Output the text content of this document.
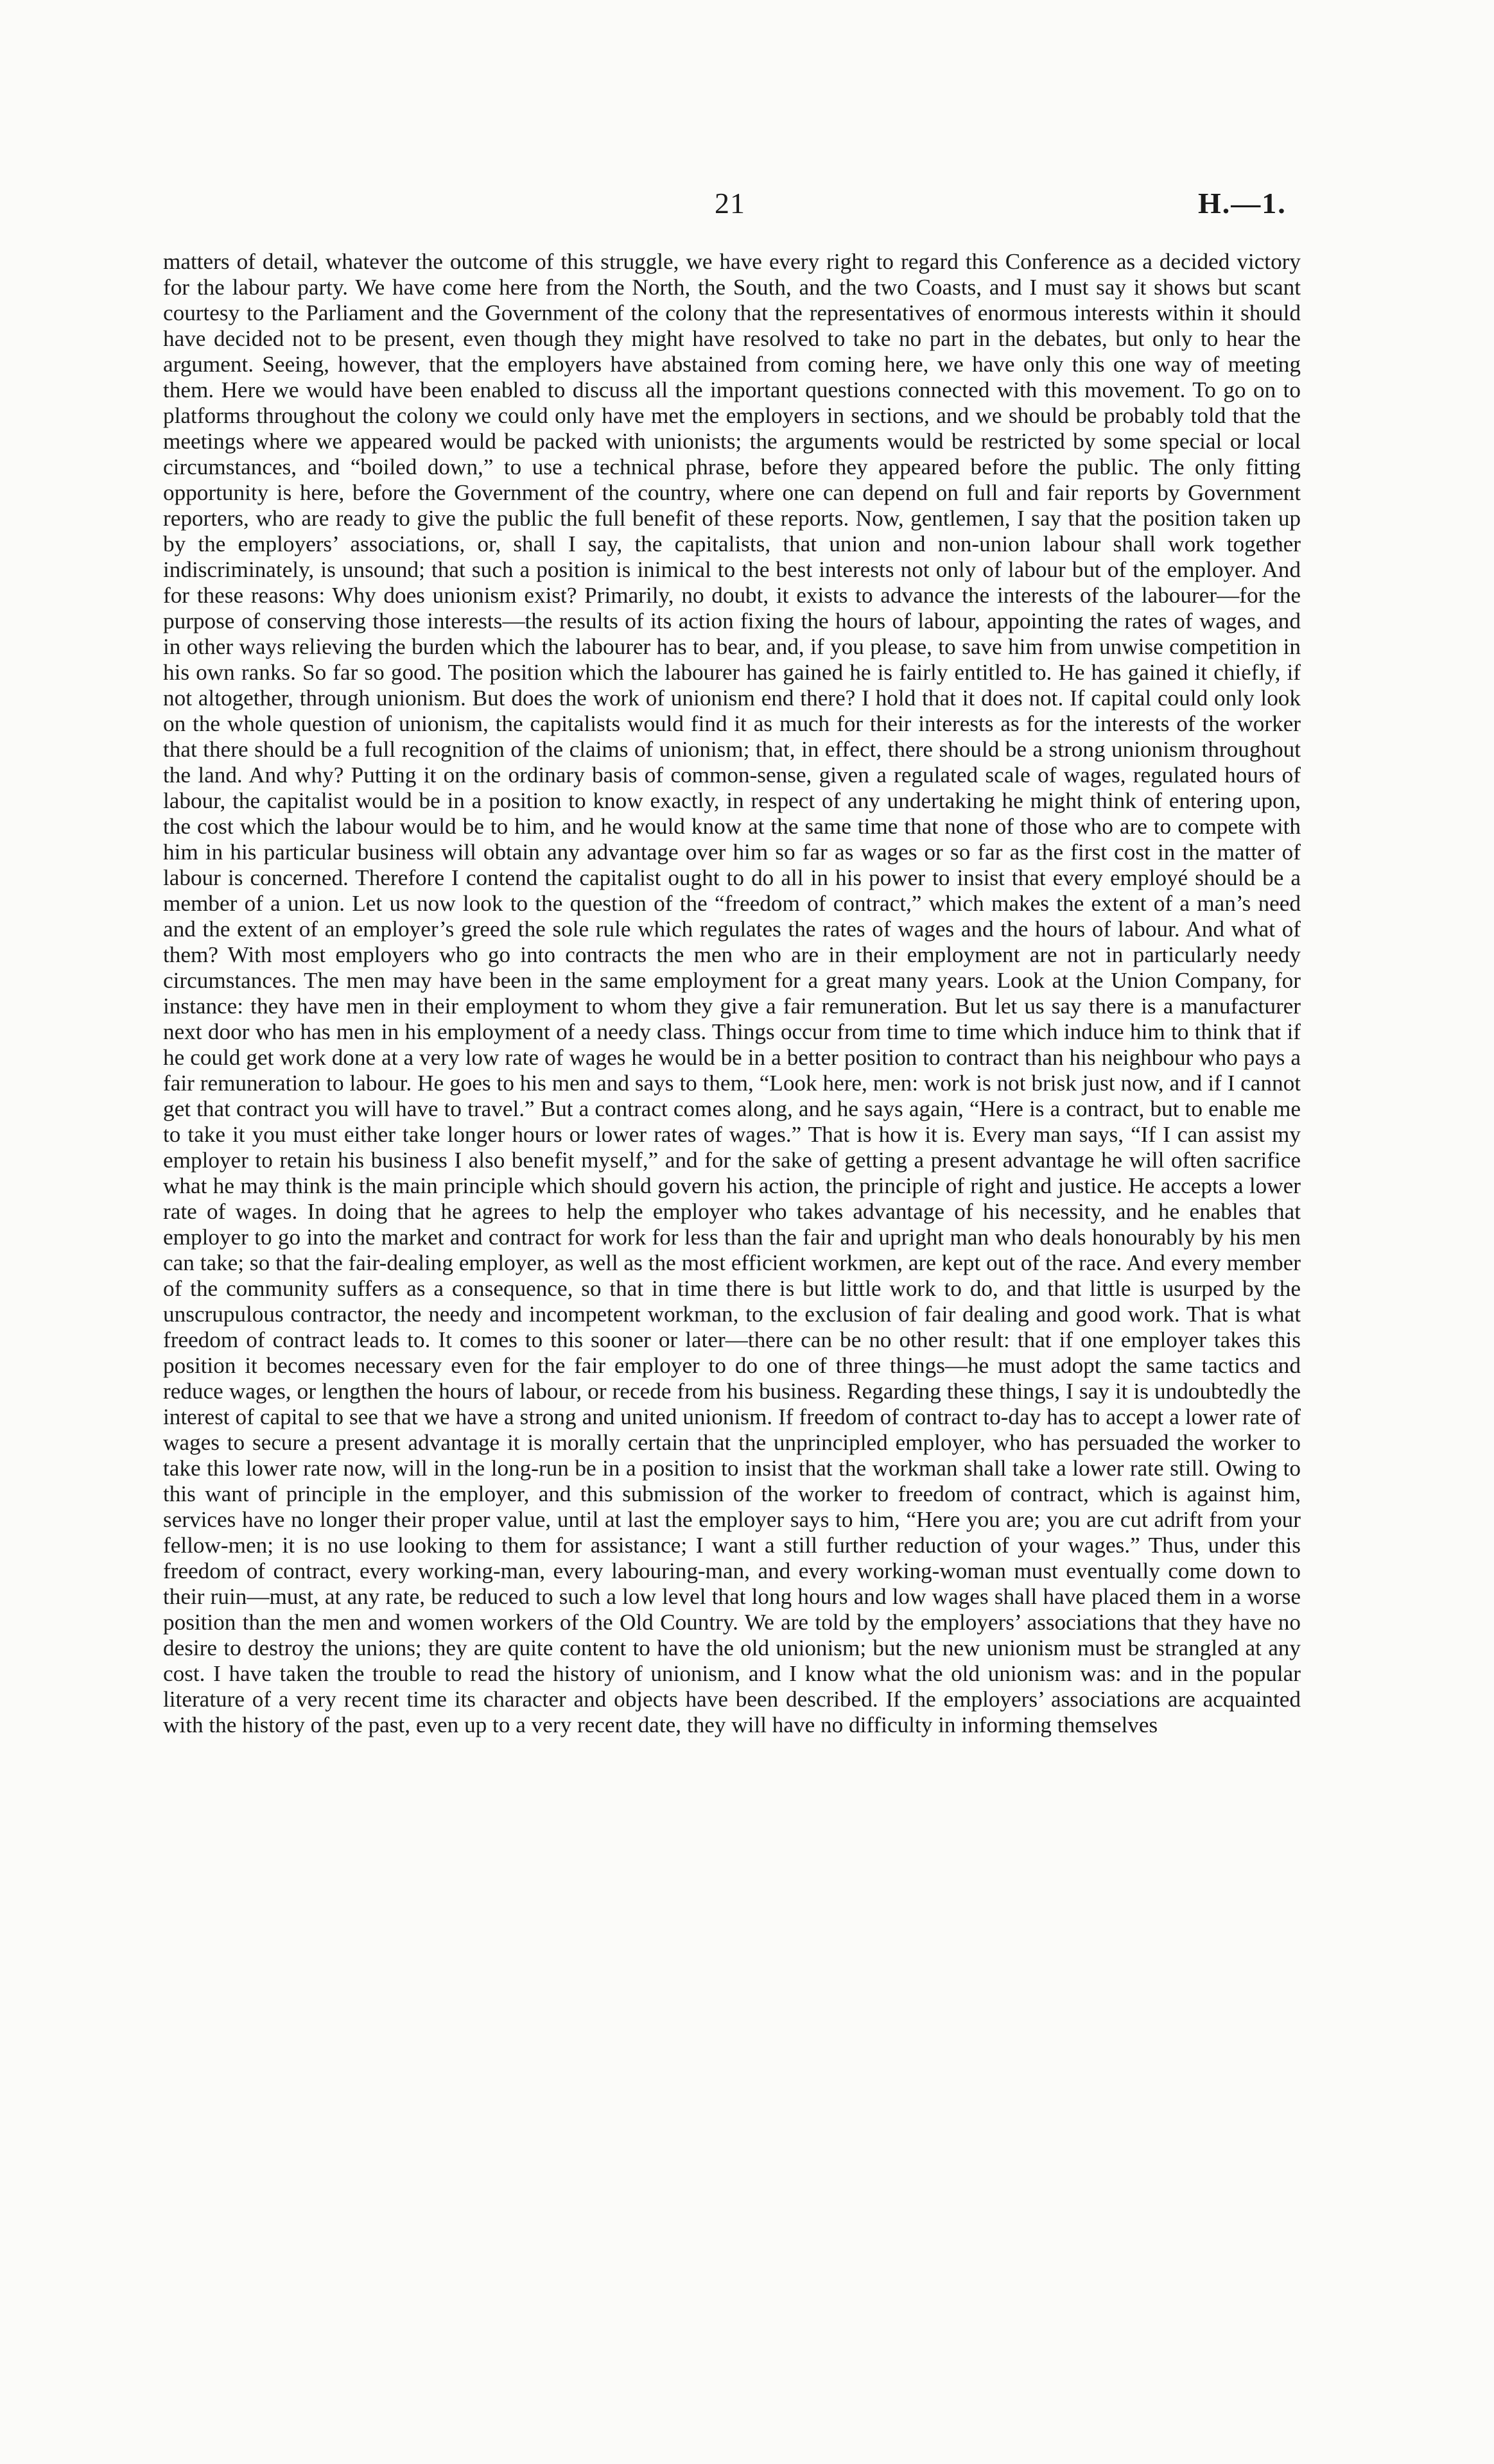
21	H.—1.

matters of detail, whatever the outcome of this struggle, we have every right to regard this Conference as a decided victory for the labour party. We have come here from the North, the South, and the two Coasts, and I must say it shows but scant courtesy to the Parliament and the Government of the colony that the representatives of enormous interests within it should have decided not to be present, even though they might have resolved to take no part in the debates, but only to hear the argument. Seeing, however, that the employers have abstained from coming here, we have only this one way of meeting them. Here we would have been enabled to discuss all the important questions connected with this movement. To go on to platforms throughout the colony we could only have met the employers in sections, and we should be probably told that the meetings where we appeared would be packed with unionists; the arguments would be restricted by some special or local circumstances, and “boiled down,” to use a technical phrase, before they appeared before the public. The only fitting opportunity is here, before the Government of the country, where one can depend on full and fair reports by Government reporters, who are ready to give the public the full benefit of these reports. Now, gentlemen, I say that the position taken up by the employers’ associations, or, shall I say, the capitalists, that union and non-union labour shall work together indiscriminately, is unsound; that such a position is inimical to the best interests not only of labour but of the employer. And for these reasons: Why does unionism exist? Primarily, no doubt, it exists to advance the interests of the labourer—for the purpose of conserving those interests—the results of its action fixing the hours of labour, appointing the rates of wages, and in other ways relieving the burden which the labourer has to bear, and, if you please, to save him from unwise competition in his own ranks. So far so good. The position which the labourer has gained he is fairly entitled to. He has gained it chiefly, if not altogether, through unionism. But does the work of unionism end there? I hold that it does not. If capital could only look on the whole question of unionism, the capitalists would find it as much for their interests as for the interests of the worker that there should be a full recognition of the claims of unionism; that, in effect, there should be a strong unionism throughout the land. And why? Putting it on the ordinary basis of common-sense, given a regulated scale of wages, regulated hours of labour, the capitalist would be in a position to know exactly, in respect of any undertaking he might think of entering upon, the cost which the labour would be to him, and he would know at the same time that none of those who are to compete with him in his particular business will obtain any advantage over him so far as wages or so far as the first cost in the matter of labour is concerned. Therefore I contend the capitalist ought to do all in his power to insist that every employé should be a member of a union. Let us now look to the question of the “freedom of contract,” which makes the extent of a man’s need and the extent of an employer’s greed the sole rule which regulates the rates of wages and the hours of labour. And what of them? With most employers who go into contracts the men who are in their employment are not in particularly needy circumstances. The men may have been in the same employment for a great many years. Look at the Union Company, for instance: they have men in their employment to whom they give a fair remuneration. But let us say there is a manufacturer next door who has men in his employment of a needy class. Things occur from time to time which induce him to think that if he could get work done at a very low rate of wages he would be in a better position to contract than his neighbour who pays a fair remuneration to labour. He goes to his men and says to them, “Look here, men: work is not brisk just now, and if I cannot get that contract you will have to travel.” But a contract comes along, and he says again, “Here is a contract, but to enable me to take it you must either take longer hours or lower rates of wages.” That is how it is. Every man says, “If I can assist my employer to retain his business I also benefit myself,” and for the sake of getting a present advantage he will often sacrifice what he may think is the main principle which should govern his action, the principle of right and justice. He accepts a lower rate of wages. In doing that he agrees to help the employer who takes advantage of his necessity, and he enables that employer to go into the market and contract for work for less than the fair and upright man who deals honourably by his men can take; so that the fair-dealing employer, as well as the most efficient workmen, are kept out of the race. And every member of the community suffers as a consequence, so that in time there is but little work to do, and that little is usurped by the unscrupulous contractor, the needy and incompetent workman, to the exclusion of fair dealing and good work. That is what freedom of contract leads to. It comes to this sooner or later—there can be no other result: that if one employer takes this position it becomes necessary even for the fair employer to do one of three things—he must adopt the same tactics and reduce wages, or lengthen the hours of labour, or recede from his business. Regarding these things, I say it is undoubtedly the interest of capital to see that we have a strong and united unionism. If freedom of contract to-day has to accept a lower rate of wages to secure a present advantage it is morally certain that the unprincipled employer, who has persuaded the worker to take this lower rate now, will in the long-run be in a position to insist that the workman shall take a lower rate still. Owing to this want of principle in the employer, and this submission of the worker to freedom of contract, which is against him, services have no longer their proper value, until at last the employer says to him, “Here you are; you are cut adrift from your fellow-men; it is no use looking to them for assistance; I want a still further reduction of your wages.” Thus, under this freedom of contract, every working-man, every labouring-man, and every working-woman must eventually come down to their ruin—must, at any rate, be reduced to such a low level that long hours and low wages shall have placed them in a worse position than the men and women workers of the Old Country. We are told by the employers’ associations that they have no desire to destroy the unions; they are quite content to have the old unionism; but the new unionism must be strangled at any cost. I have taken the trouble to read the history of unionism, and I know what the old unionism was: and in the popular literature of a very recent time its character and objects have been described. If the employers’ associations are acquainted with the history of the past, even up to a very recent date, they will have no difficulty in informing themselves
